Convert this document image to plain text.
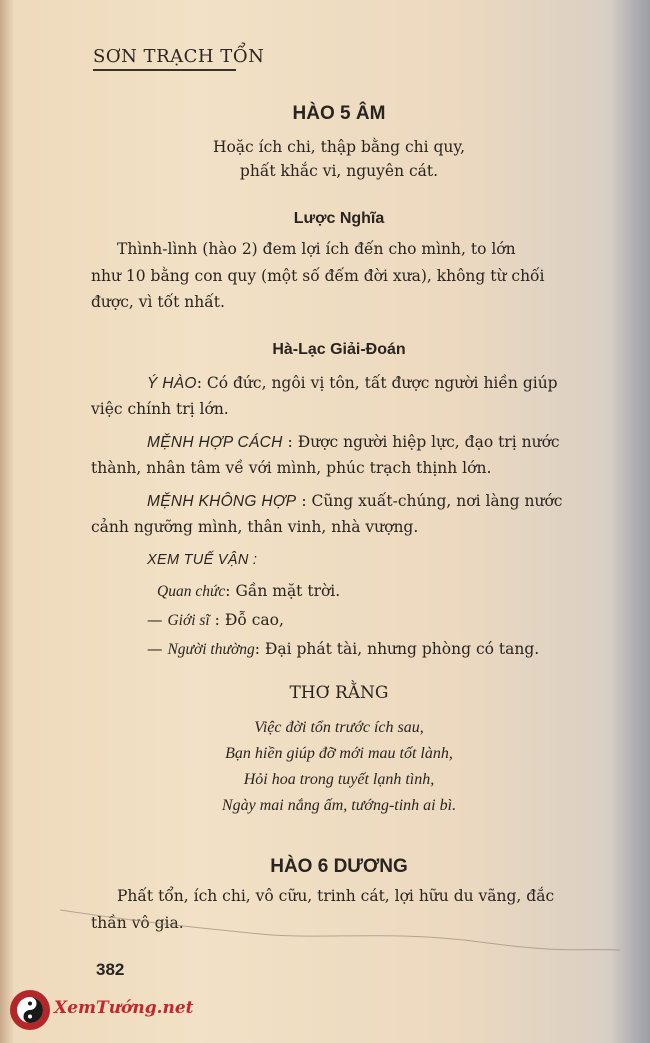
SƠN TRẠCH TỔN
HÀO 5 ÂM
Hoặc ích chi, thập bằng chi quy,
phất khắc vi, nguyên cát.
Lược Nghĩa
Thình-lình (hào 2) đem lợi ích đến cho mình, to lớn
như 10 bằng con quy (một số đếm đời xưa), không từ chối
được, vì tốt nhất.
Hà-Lạc Giải-Đoán
Ý HÀO: Có đức, ngôi vị tôn, tất được người hiền giúp
việc chính trị lớn.
MỆNH HỢP CÁCH : Được người hiệp lực, đạo trị nước
thành, nhân tâm về với mình, phúc trạch thịnh lớn.
MỆNH KHÔNG HỢP : Cũng xuất-chúng, nơi làng nước
cảnh ngưỡng mình, thân vinh, nhà vượng.
XEM TUẾ VẬN :
Quan chức: Gần mặt trời.
— Giới sĩ : Đỗ cao,
— Người thường: Đại phát tài, nhưng phòng có tang.
THƠ RẰNG
Việc đời tổn trước ích sau,
Bạn hiền giúp đỡ mới mau tốt lành,
Hỏi hoa trong tuyết lạnh tình,
Ngày mai nắng ấm, tướng-tinh ai bì.
HÀO 6 DƯƠNG
Phất tổn, ích chi, vô cữu, trinh cát, lợi hữu du vãng, đắc
thần vô gia.
382
XemTướng.net
